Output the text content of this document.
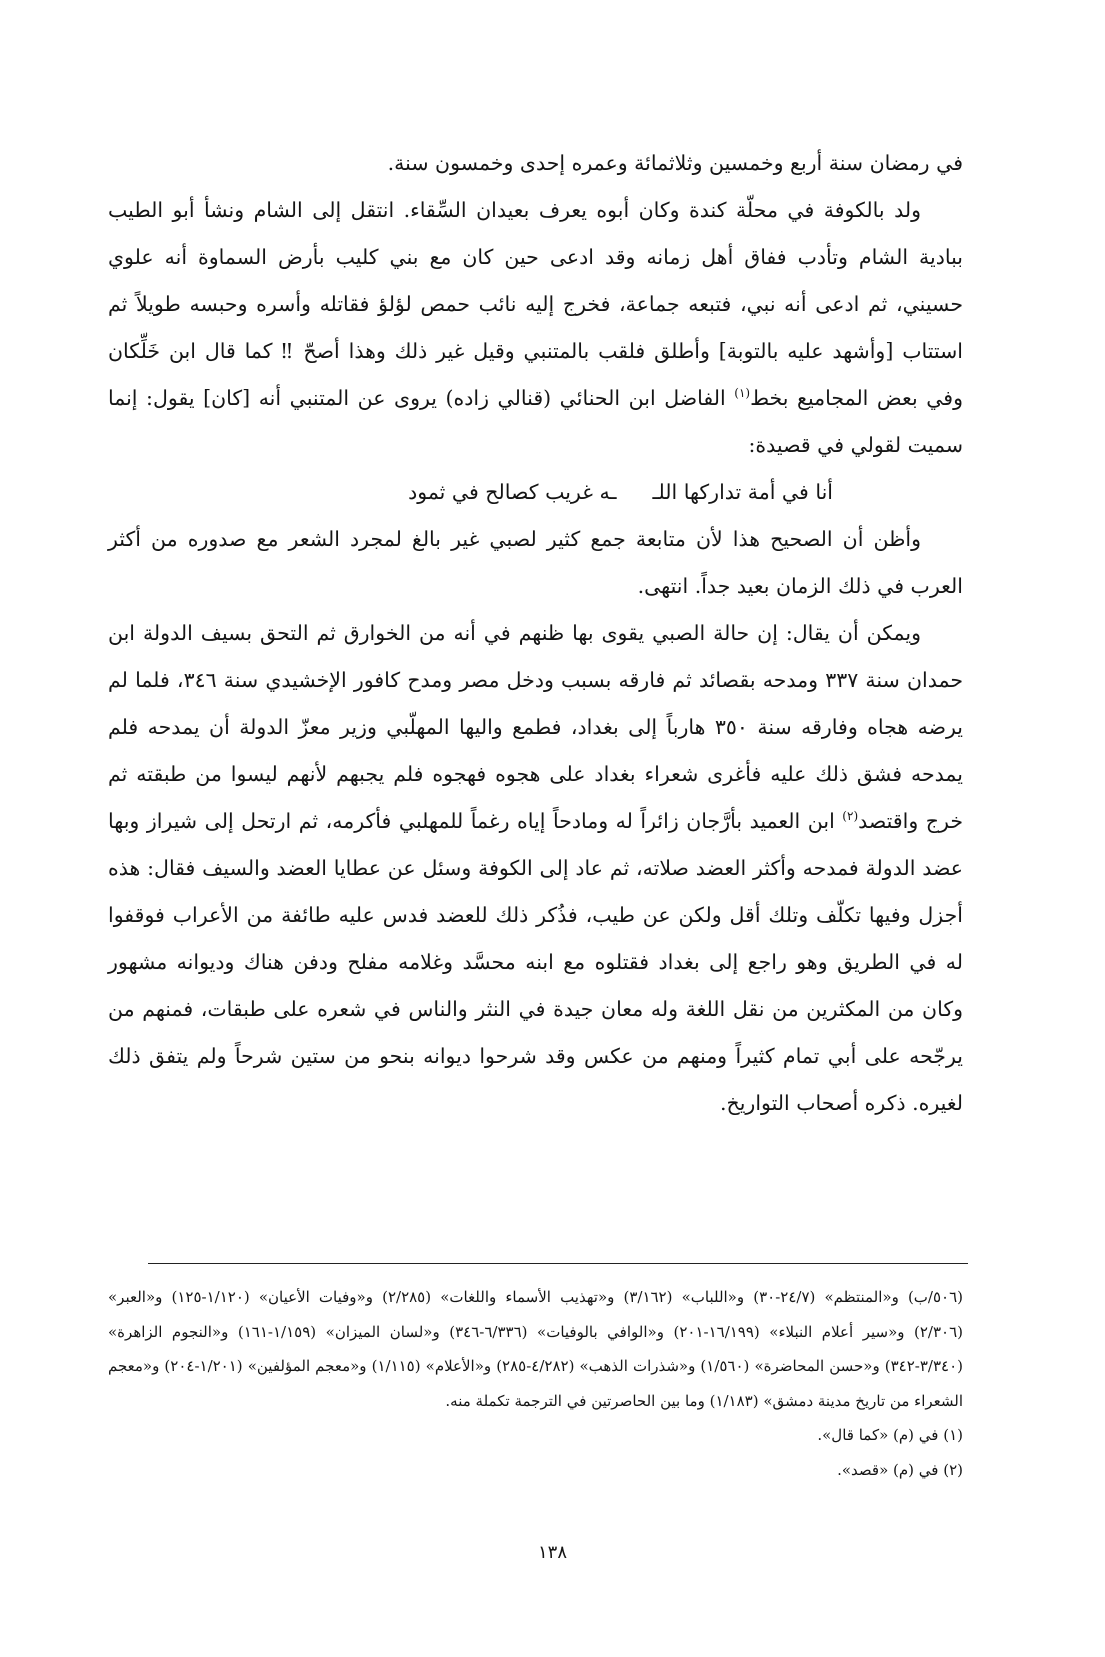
في رمضان سنة أربع وخمسين وثلاثمائة وعمره إحدى وخمسون سنة.

ولد بالكوفة في محلّة كندة وكان أبوه يعرف بعيدان السِّقاء. انتقل إلى الشام ونشأ أبو الطيب ببادية الشام وتأدب ففاق أهل زمانه وقد ادعى حين كان مع بني كليب بأرض السماوة أنه علوي حسيني، ثم ادعى أنه نبي، فتبعه جماعة، فخرج إليه نائب حمص لؤلؤ فقاتله وأسره وحبسه طويلاً ثم استتاب [وأشهد عليه بالتوبة] وأطلق فلقب بالمتنبي وقيل غير ذلك وهذا أصحّ ‼ كما قال ابن خَلِّكان وفي بعض المجاميع بخط$^{(١)}$ الفاضل ابن الحنائي (قنالي زاده) يروى عن المتنبي أنه [كان] يقول: إنما سميت لقولي في قصيدة:

أنا في أمة تداركها اللــه غريب كصالح في ثمود

وأظن أن الصحيح هذا لأن متابعة جمع كثير لصبي غير بالغ لمجرد الشعر مع صدوره من أكثر العرب في ذلك الزمان بعيد جداً. انتهى.

ويمكن أن يقال: إن حالة الصبي يقوى بها ظنهم في أنه من الخوارق ثم التحق بسيف الدولة ابن حمدان سنة ٣٣٧ ومدحه بقصائد ثم فارقه بسبب ودخل مصر ومدح كافور الإخشيدي سنة ٣٤٦، فلما لم يرضه هجاه وفارقه سنة ٣٥٠ هارباً إلى بغداد، فطمع واليها المهلّبي وزير معزّ الدولة أن يمدحه فلم يمدحه فشق ذلك عليه فأغرى شعراء بغداد على هجوه فهجوه فلم يجبهم لأنهم ليسوا من طبقته ثم خرج واقتصد$^{(٢)}$ ابن العميد بأرَّجان زائراً له ومادحاً إياه رغماً للمهلبي فأكرمه، ثم ارتحل إلى شيراز وبها عضد الدولة فمدحه وأكثر العضد صلاته، ثم عاد إلى الكوفة وسئل عن عطايا العضد والسيف فقال: هذه أجزل وفيها تكلّف وتلك أقل ولكن عن طيب، فذُكر ذلك للعضد فدس عليه طائفة من الأعراب فوقفوا له في الطريق وهو راجع إلى بغداد فقتلوه مع ابنه محسَّد وغلامه مفلح ودفن هناك وديوانه مشهور وكان من المكثرين من نقل اللغة وله معان جيدة في النثر والناس في شعره على طبقات، فمنهم من يرجّحه على أبي تمام كثيراً ومنهم من عكس وقد شرحوا ديوانه بنحو من ستين شرحاً ولم يتفق ذلك لغيره. ذكره أصحاب التواريخ.

(٥٠٦/ب) و«المنتظم» (٢٤/٧-٣٠) و«اللباب» (٣/١٦٢) و«تهذيب الأسماء واللغات» (٢/٢٨٥) و«وفيات الأعيان» (١/١٢٠-١٢٥) و«العبر» (٢/٣٠٦) و«سير أعلام النبلاء» (١٦/١٩٩-٢٠١) و«الوافي بالوفيات» (٦/٣٣٦-٣٤٦) و«لسان الميزان» (١/١٥٩-١٦١) و«النجوم الزاهرة» (٣/٣٤٠-٣٤٢) و«حسن المحاضرة» (١/٥٦٠) و«شذرات الذهب» (٤/٢٨٢-٢٨٥) و«الأعلام» (١/١١٥) و«معجم المؤلفين» (١/٢٠١-٢٠٤) و«معجم الشعراء من تاريخ مدينة دمشق» (١/١٨٣) وما بين الحاصرتين في الترجمة تكملة منه.

(١) في (م) «كما قال».

(٢) في (م) «قصد».

١٣٨
